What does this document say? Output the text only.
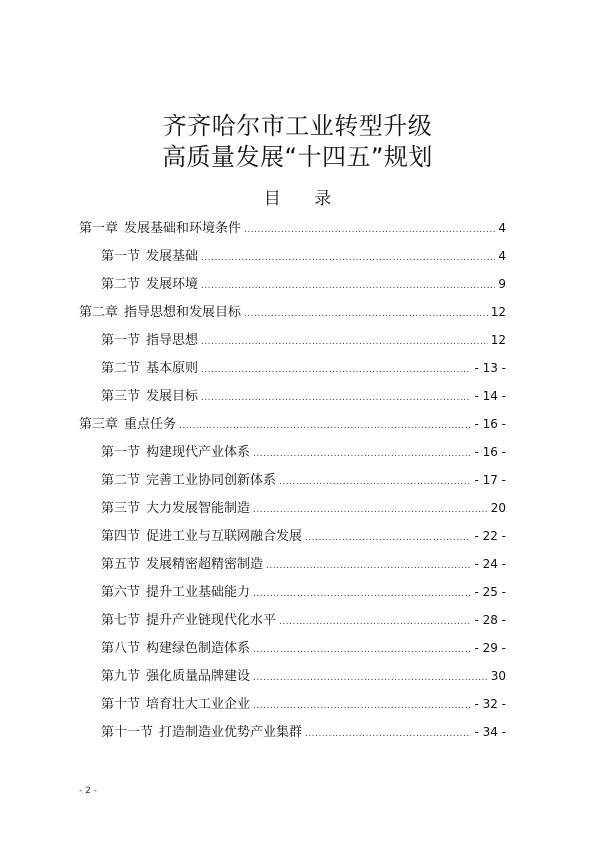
齐齐哈尔市工业转型升级
高质量发展“十四五”规划
目 录
第一章 发展基础和环境条件 .....	4
第一节 发展基础 .....	4
第二节 发展环境 .....	9
第二章 指导思想和发展目标 .....	12
第一节 指导思想 .....	12
第二节 基本原则 .....	- 13 -
第三节 发展目标 .....	- 14 -
第三章 重点任务 .....	- 16 -
第一节 构建现代产业体系 .....	- 16 -
第二节 完善工业协同创新体系 .....	- 17 -
第三节 大力发展智能制造 .....	20
第四节 促进工业与互联网融合发展 .....	- 22 -
第五节 发展精密超精密制造 .....	- 24 -
第六节 提升工业基础能力 .....	- 25 -
第七节 提升产业链现代化水平 .....	- 28 -
第八节 构建绿色制造体系 .....	- 29 -
第九节 强化质量品牌建设 .....	30
第十节 培育壮大工业企业 .....	- 32 -
第十一节 打造制造业优势产业集群 .....	- 34 -
- 2 -
